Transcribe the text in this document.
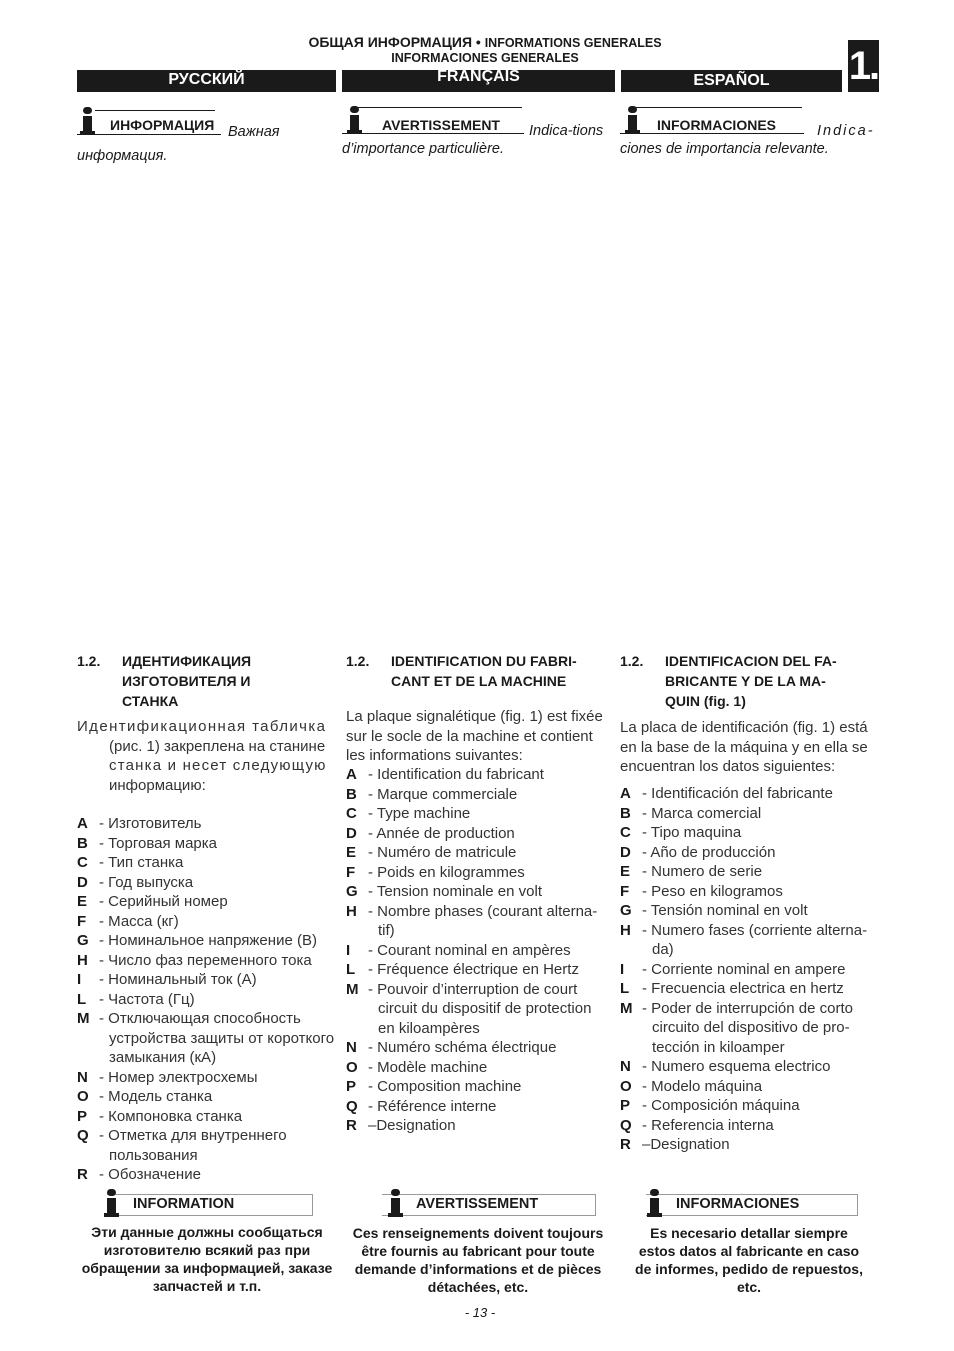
ОБЩАЯ ИНФОРМАЦИЯ • INFORMATIONS GENERALES
INFORMACIONES GENERALES	1.
РУССКИЙ	FRANÇAIS	ESPAÑOL
ИНФОРМАЦИЯ Важная
информация.
AVERTISSEMENT Indica-tions
d’importance particulière.
INFORMACIONES	Indica-
ciones de importancia relevante.
1.2. ИДЕНТИФИКАЦИЯ
ИЗГОТОВИТЕЛЯ И
СТАНКА
1.2. IDENTIFICATION DU FABRI-
CANT ET DE LA MACHINE
1.2. IDENTIFICACION DEL FA-
BRICANTE Y DE LA MA-
QUIN (fig. 1)
Идентификационная табличка
(рис. 1) закреплена на станине
станка и несет следующую
информацию:
La plaque signalétique (fig. 1) est fixée
sur le socle de la machine et contient
les informations suivantes:
La placa de identificación (fig. 1) está
en la base de la máquina y en ella se
encuentran los datos siguientes:
A - Изготовитель
B - Торговая марка
C - Тип станка
D - Год выпуска
E - Серийный номер
F - Масса (кг)
G - Номинальное напряжение (В)
H - Число фаз переменного тока
I - Номинальный ток (А)
L - Частота (Гц)
M - Отключающая способность
устройства защиты от короткого
замыкания (кА)
N - Номер электросхемы
O - Модель станка
P - Компоновка станка
Q - Отметка для внутреннего
пользования
R - Обозначение
A - Identification du fabricant
B - Marque commerciale
C - Type machine
D - Année de production
E - Numéro de matricule
F - Poids en kilogrammes
G - Tension nominale en volt
H - Nombre phases (courant alterna-
tif)
I - Courant nominal en ampères
L - Fréquence électrique en Hertz
M - Pouvoir d’interruption de court
circuit du dispositif de protection
en kiloampères
N - Numéro schéma électrique
O - Modèle machine
P - Composition machine
Q - Référence interne
R –Designation
A - Identificación del fabricante
B - Marca comercial
C - Tipo maquina
D - Año de producción
E - Numero de serie
F - Peso en kilogramos
G - Tensión nominal en volt
H - Numero fases (corriente alterna-
da)
I - Corriente nominal en ampere
L - Frecuencia electrica en hertz
M - Poder de interrupción de corto
circuito del dispositivo de pro-
tección in kiloamper
N - Numero esquema electrico
O - Modelo máquina
P - Composición máquina
Q - Referencia interna
R –Designation
INFORMATION	AVERTISSEMENT	INFORMACIONES
Эти данные должны сообщаться
изготовителю всякий раз при
обращении за информацией, заказе
запчастей и т.п.
Ces renseignements doivent toujours
être fournis au fabricant pour toute
demande d’informations et de pièces
détachées, etc.
Es necesario detallar siempre
estos datos al fabricante en caso
de informes, pedido de repuestos,
etc.
- 13 -
